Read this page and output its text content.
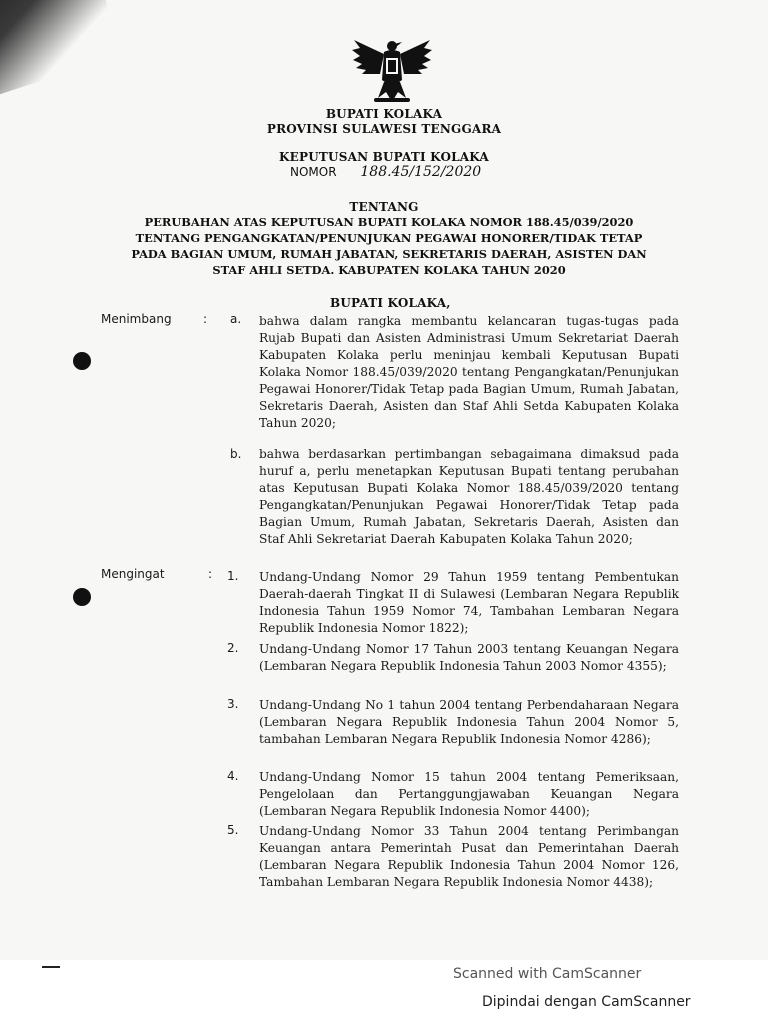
BUPATI KOLAKA
PROVINSI SULAWESI TENGGARA
KEPUTUSAN BUPATI KOLAKA
NOMOR 188.45/152/2020
TENTANG
PERUBAHAN ATAS KEPUTUSAN BUPATI KOLAKA NOMOR 188.45/039/2020
TENTANG PENGANGKATAN/PENUNJUKAN PEGAWAI HONORER/TIDAK TETAP
PADA BAGIAN UMUM, RUMAH JABATAN, SEKRETARIS DAERAH, ASISTEN DAN
STAF AHLI SETDA. KABUPATEN KOLAKA TAHUN 2020
BUPATI KOLAKA,
Menimbang	: a. bahwa dalam rangka membantu kelancaran tugas-tugas pada Rujab Bupati dan Asisten Administrasi Umum Sekretariat Daerah Kabupaten Kolaka perlu meninjau kembali Keputusan Bupati Kolaka Nomor 188.45/039/2020 tentang Pengangkatan/Penunjukan Pegawai Honorer/Tidak Tetap pada Bagian Umum, Rumah Jabatan, Sekretaris Daerah, Asisten dan Staf Ahli Setda Kabupaten Kolaka Tahun 2020;
b. bahwa berdasarkan pertimbangan sebagaimana dimaksud pada huruf a, perlu menetapkan Keputusan Bupati tentang perubahan atas Keputusan Bupati Kolaka Nomor 188.45/039/2020 tentang Pengangkatan/Penunjukan Pegawai Honorer/Tidak Tetap pada Bagian Umum, Rumah Jabatan, Sekretaris Daerah, Asisten dan Staf Ahli Sekretariat Daerah Kabupaten Kolaka Tahun 2020;
Mengingat	: 1. Undang-Undang Nomor 29 Tahun 1959 tentang Pembentukan Daerah-daerah Tingkat II di Sulawesi (Lembaran Negara Republik Indonesia Tahun 1959 Nomor 74, Tambahan Lembaran Negara Republik Indonesia Nomor 1822);
2. Undang-Undang Nomor 17 Tahun 2003 tentang Keuangan Negara (Lembaran Negara Republik Indonesia Tahun 2003 Nomor 4355);
3. Undang-Undang No 1 tahun 2004 tentang Perbendaharaan Negara (Lembaran Negara Republik Indonesia Tahun 2004 Nomor 5, tambahan Lembaran Negara Republik Indonesia Nomor 4286);
4. Undang-Undang Nomor 15 tahun 2004 tentang Pemeriksaan, Pengelolaan dan Pertanggungjawaban Keuangan Negara (Lembaran Negara Republik Indonesia Nomor 4400);
5. Undang-Undang Nomor 33 Tahun 2004 tentang Perimbangan Keuangan antara Pemerintah Pusat dan Pemerintahan Daerah (Lembaran Negara Republik Indonesia Tahun 2004 Nomor 126, Tambahan Lembaran Negara Republik Indonesia Nomor 4438);
Scanned with CamScanner
Dipindai dengan CamScanner
